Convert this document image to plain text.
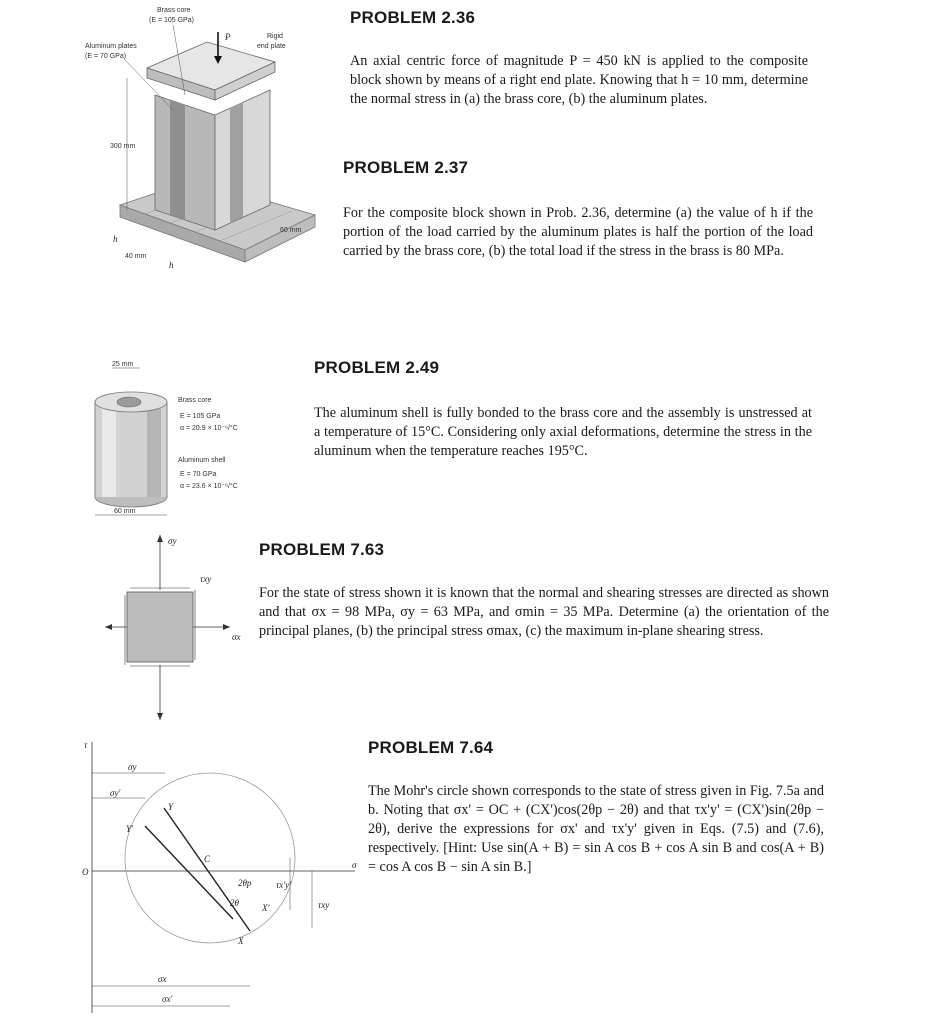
P
Brass core
(E = 105 GPa)
Aluminum plates
(E = 70 GPa)
Rigid
end plate
300 mm
60 mm
40 mm
h
h
25 mm
60 mm
Brass core
E = 105 GPa
α = 20.9 × 10⁻⁶/°C
Aluminum shell
E = 70 GPa
α = 23.6 × 10⁻⁶/°C
σy
τxy
σx
τ
σ
O
σy
σy'
σx
σx'
Y
Y'
C
X
X'
2θp
2θ
τx'y'
τxy
PROBLEM 2.36
An axial centric force of magnitude P = 450 kN is applied to the composite block shown by means of a right end plate. Knowing that h = 10 mm, determine the normal stress in (a) the brass core, (b) the aluminum plates.
PROBLEM 2.37
For the composite block shown in Prob. 2.36, determine (a) the value of h if the portion of the load carried by the aluminum plates is half the portion of the load carried by the brass core, (b) the total load if the stress in the brass is 80 MPa.
PROBLEM 2.49
The aluminum shell is fully bonded to the brass core and the assembly is unstressed at a temperature of 15°C. Considering only axial deformations, determine the stress in the aluminum when the temperature reaches 195°C.
PROBLEM 7.63
For the state of stress shown it is known that the normal and shearing stresses are directed as shown and that σx = 98 MPa, σy = 63 MPa, and σmin = 35 MPa. Determine (a) the orientation of the principal planes, (b) the principal stress σmax, (c) the maximum in-plane shearing stress.
PROBLEM 7.64
The Mohr's circle shown corresponds to the state of stress given in Fig. 7.5a and b. Noting that σx' = OC + (CX')cos(2θp − 2θ) and that τx'y' = (CX')sin(2θp − 2θ), derive the expressions for σx' and τx'y' given in Eqs. (7.5) and (7.6), respectively. [Hint: Use sin(A + B) = sin A cos B + cos A sin B and cos(A + B) = cos A cos B − sin A sin B.]
